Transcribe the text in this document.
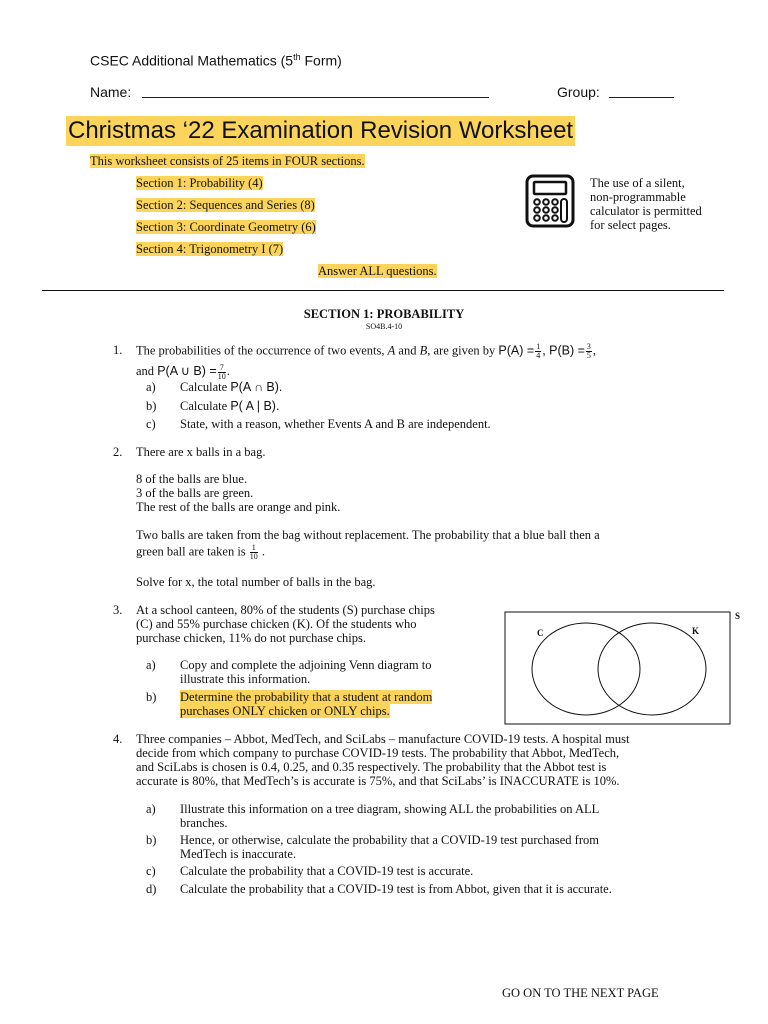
CSEC Additional Mathematics (5th Form)
Name:	Group:
Christmas ‘22 Examination Revision Worksheet
This worksheet consists of 25 items in FOUR sections.
Section 1: Probability (4)
Section 2: Sequences and Series (8)
Section 3: Coordinate Geometry (6)
Section 4: Trigonometry I (7)
The use of a silent,
non-programmable
calculator is permitted
for select pages.
Answer ALL questions.
SECTION 1: PROBABILITY
SO4B.4-10
1. The probabilities of the occurrence of two events, A and B, are given by $P(A) = \frac{1}{4}$ , $P(B) = \frac{3}{5}$ ,
and P(A ∪ $B) = \frac{7}{10}$ .
a) Calculate P(A ∩ B).
b) Calculate P( A | B).
c) State, with a reason, whether Events A and B are independent.
2. There are x balls in a bag.
8 of the balls are blue.
3 of the balls are green.
The rest of the balls are orange and pink.
Two balls are taken from the bag without replacement. The probability that a blue ball then a
green ball are taken is $\frac{1}{10}$ .
Solve for x, the total number of balls in the bag.
3. At a school canteen, 80% of the students (S) purchase chips
(C) and 55% purchase chicken (K). Of the students who
purchase chicken, 11% do not purchase chips.
a) Copy and complete the adjoining Venn diagram to
illustrate this information.
b) Determine the probability that a student at random
purchases ONLY chicken or ONLY chips.
S
C	K
4. Three companies – Abbot, MedTech, and SciLabs – manufacture COVID-19 tests. A hospital must
decide from which company to purchase COVID-19 tests. The probability that Abbot, MedTech,
and SciLabs is chosen is 0.4, 0.25, and 0.35 respectively. The probability that the Abbot test is
accurate is 80%, that MedTech’s is accurate is 75%, and that SciLabs’ is INACCURATE is 10%.
a) Illustrate this information on a tree diagram, showing ALL the probabilities on ALL
branches.
b) Hence, or otherwise, calculate the probability that a COVID-19 test purchased from
MedTech is inaccurate.
c) Calculate the probability that a COVID-19 test is accurate.
d) Calculate the probability that a COVID-19 test is from Abbot, given that it is accurate.
GO ON TO THE NEXT PAGE
